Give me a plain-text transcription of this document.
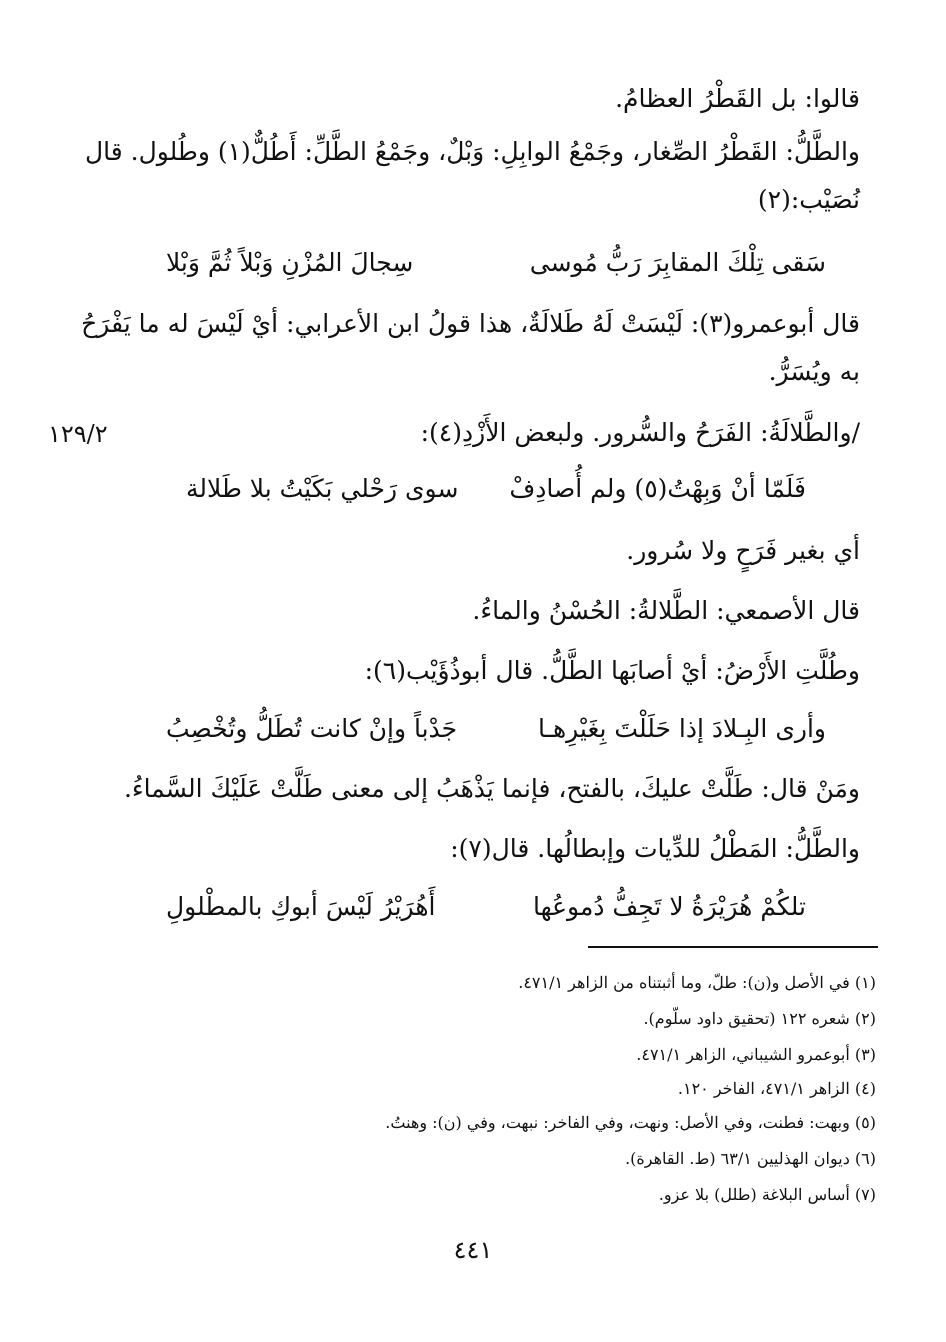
قالوا: بل القَطْرُ العظامُ.
والطَّلُّ: القَطْرُ الصِّغار، وجَمْعُ الوابِلِ: وَبْلٌ، وجَمْعُ الطَّلِّ: أَطُلٌّ(١) وطُلول. قال نُصَيْب:(٢)
سَقى تِلْكَ المقابِرَ رَبُّ مُوسى
سِجالَ المُزْنِ وَبْلاً ثُمَّ وَبْلا
قال أبوعمرو(٣): لَيْسَتْ لَهُ طَلالَةٌ، هذا قولُ ابن الأعرابي: أيْ لَيْسَ له ما يَفْرَحُ به ويُسَرُّ.
١٢٩/٢	/والطَّلالَةُ: الفَرَحُ والسُّرور. ولبعض الأَزْدِ(٤):
فَلَمّا أنْ وَبِهْتُ(٥) ولم أُصادِفْ
سوى رَحْلي بَكَيْتُ بلا طَلالة
أي بغير فَرَحٍ ولا سُرور.
قال الأصمعي: الطَّلالةُ: الحُسْنُ والماءُ.
وطُلَّتِ الأَرْضُ: أيْ أصابَها الطَّلُّ. قال أبوذُؤَيْب(٦):
وأرى البِـلادَ إذا حَلَلْتَ بِغَيْرِهـا
جَدْباً وإنْ كانت تُطَلُّ وتُخْصِبُ
ومَنْ قال: طَلَّتْ عليكَ، بالفتح، فإنما يَذْهَبُ إلى معنى طَلَّتْ عَلَيْكَ السَّماءُ.
والطَّلُّ: المَطْلُ للدِّيات وإبطالُها. قال(٧):
تلكُمْ هُرَيْرَةُ لا تَجِفُّ دُموعُها
أَهُرَيْرُ لَيْسَ أبوكِ بالمطْلولِ
(١) في الأصل و(ن): طلّ، وما أثبتناه من الزاهر ٤٧١/١.
(٢) شعره ١٢٢ (تحقيق داود سلّوم).
(٣) أبوعمرو الشيباني، الزاهر ٤٧١/١.
(٤) الزاهر ٤٧١/١، الفاخر ١٢٠.
(٥) وبهت: فطنت، وفي الأصل: ونهت، وفي الفاخر: نبهت، وفي (ن): وهنتُ.
(٦) ديوان الهذليين ٦٣/١ (ط. القاهرة).
(٧) أساس البلاغة (طلل) بلا عزو.
٤٤١
